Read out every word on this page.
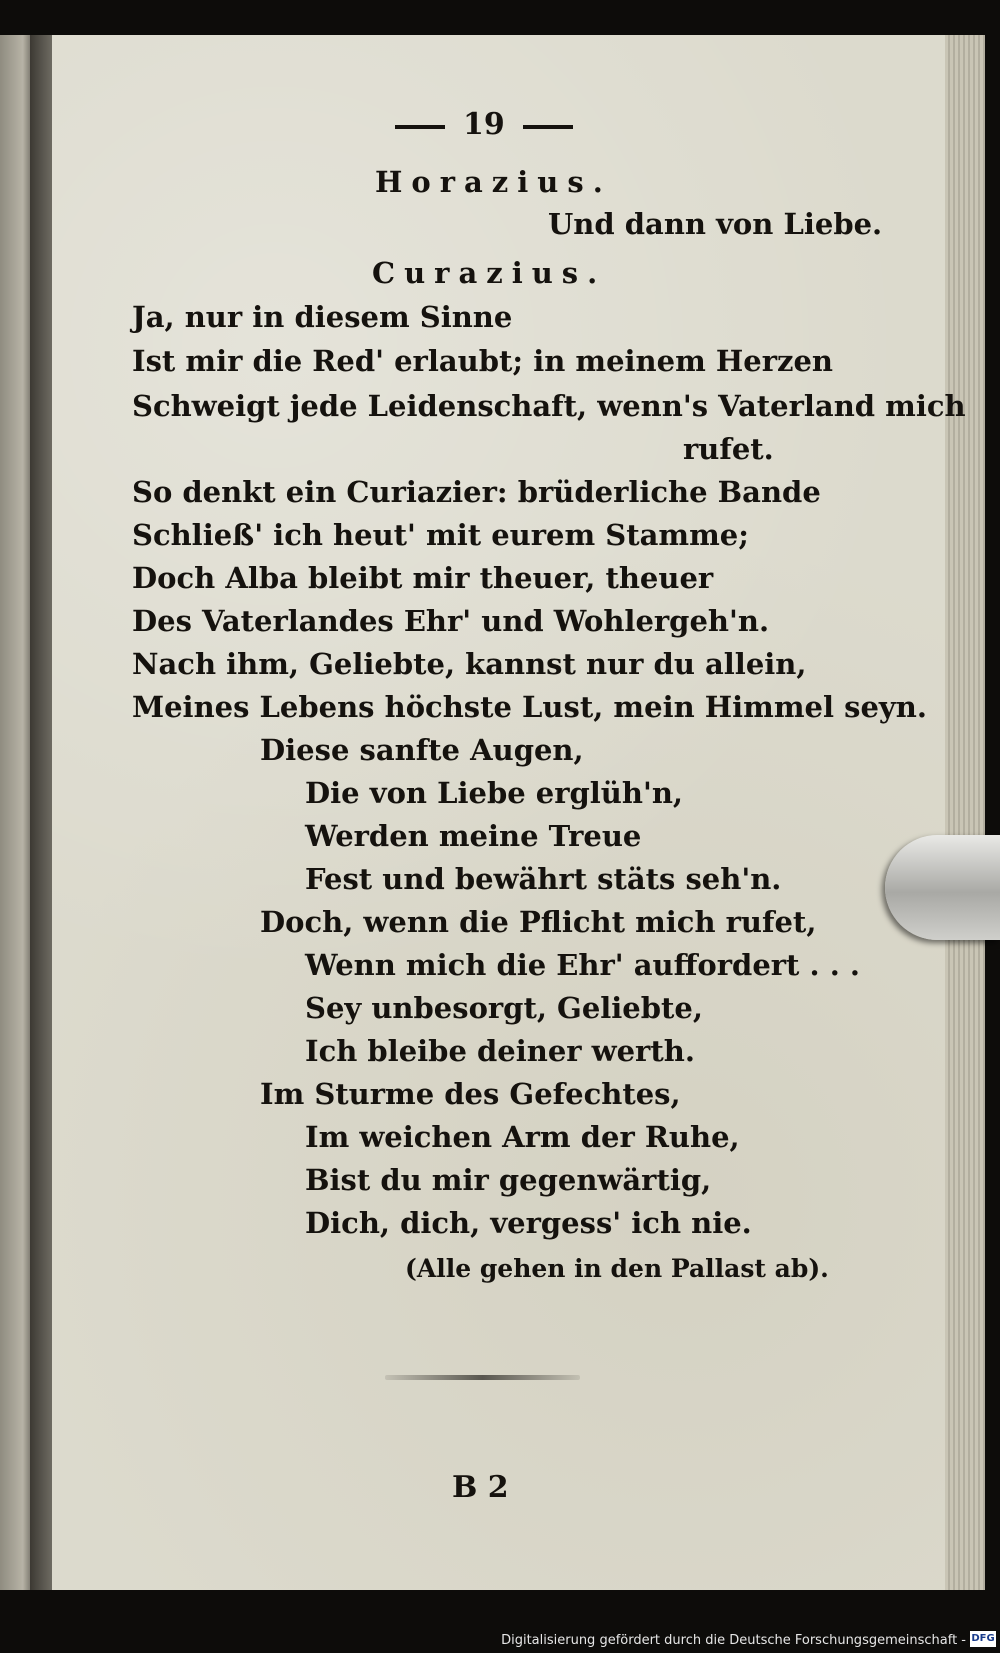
19
Horazius.
Und dann von Liebe.
Curazius.
Ja, nur in diesem Sinne
Ist mir die Red' erlaubt; in meinem Herzen
Schweigt jede Leidenschaft, wenn's Vaterland mich
rufet.
So denkt ein Curiazier: brüderliche Bande
Schließ' ich heut' mit eurem Stamme;
Doch Alba bleibt mir theuer, theuer
Des Vaterlandes Ehr' und Wohlergeh'n.
Nach ihm, Geliebte, kannst nur du allein,
Meines Lebens höchste Lust, mein Himmel seyn.
Diese sanfte Augen,
Die von Liebe erglüh'n,
Werden meine Treue
Fest und bewährt stäts seh'n.
Doch, wenn die Pflicht mich rufet,
Wenn mich die Ehr' auffordert . . .
Sey unbesorgt, Geliebte,
Ich bleibe deiner werth.
Im Sturme des Gefechtes,
Im weichen Arm der Ruhe,
Bist du mir gegenwärtig,
Dich, dich, vergess' ich nie.
(Alle gehen in den Pallast ab).
B 2
Digitalisierung gefördert durch die Deutsche Forschungsgemeinschaft - DFG
